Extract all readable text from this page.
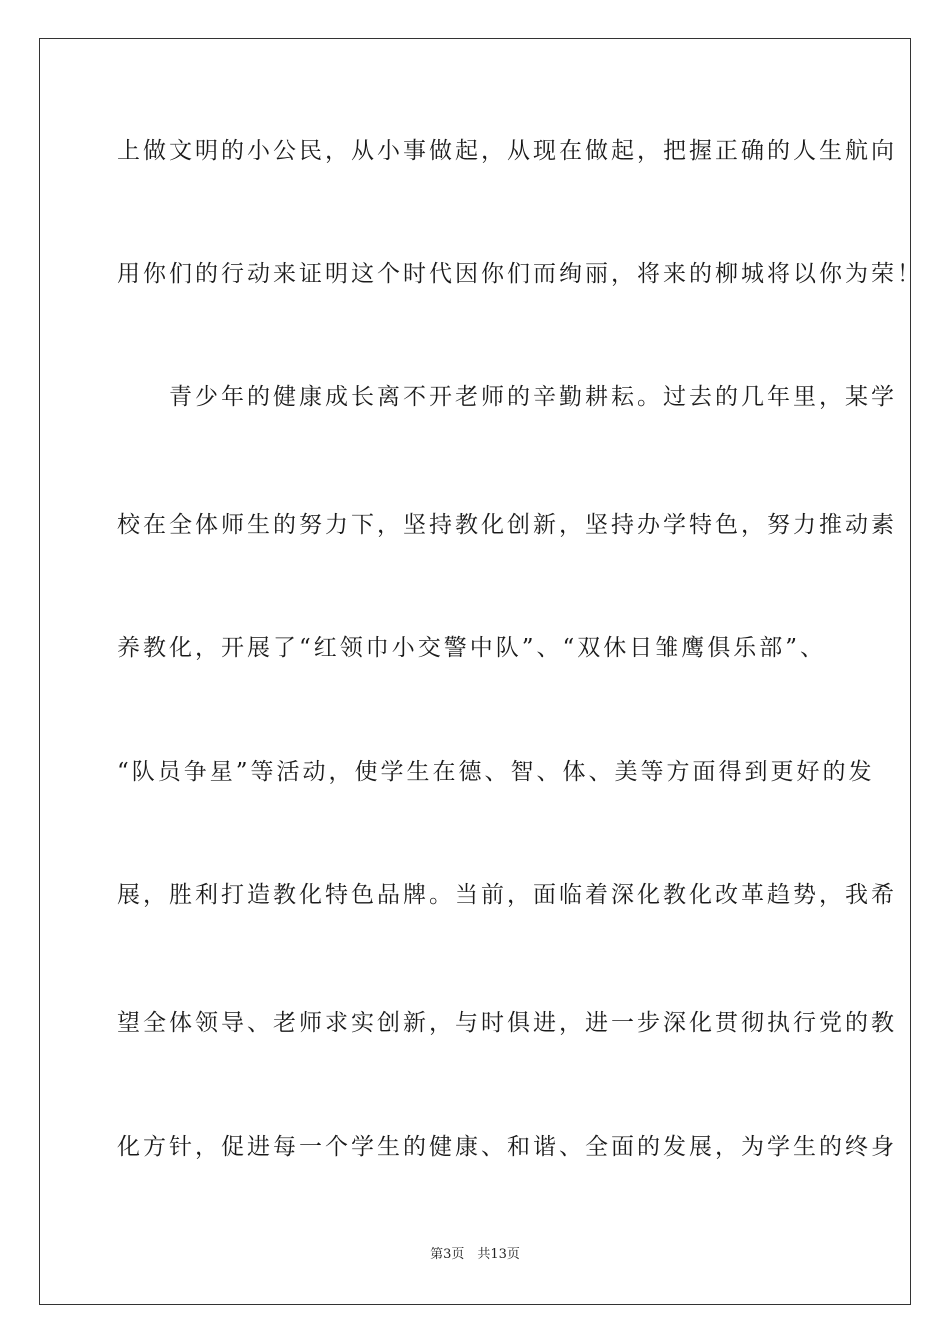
上做文明的小公民，从小事做起，从现在做起，把握正确的人生航向
用你们的行动来证明这个时代因你们而绚丽，将来的柳城将以你为荣！
　　青少年的健康成长离不开老师的辛勤耕耘。过去的几年里，某学
校在全体师生的努力下，坚持教化创新，坚持办学特色，努力推动素
养教化，开展了“红领巾小交警中队”、“双休日雏鹰俱乐部”、
“队员争星”等活动，使学生在德、智、体、美等方面得到更好的发
展，胜利打造教化特色品牌。当前，面临着深化教化改革趋势，我希
望全体领导、老师求实创新，与时俱进，进一步深化贯彻执行党的教
化方针，促进每一个学生的健康、和谐、全面的发展，为学生的终身
第3页　共13页
